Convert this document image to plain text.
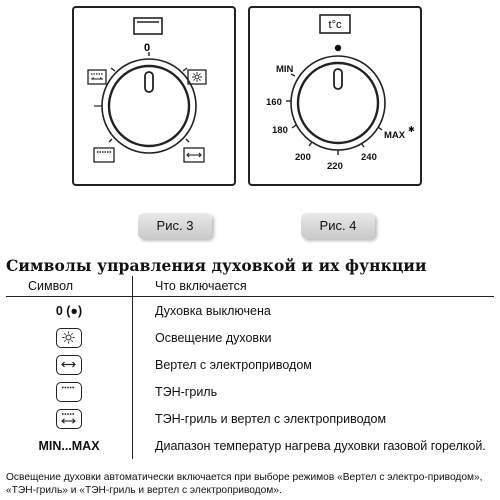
0
t°c
MIN
160
180
200
220
240
MAX
✱
Рис. 3	Рис. 4
Символы управления духовкой и их функции
Символ	Что включается
0 (●)	Духовка выключена

	Освещение духовки

	Вертел с электроприводом

	ТЭН-гриль

	ТЭН-гриль и вертел с электроприводом
MIN...MAX	Диапазон температур нагрева духовки газовой горелкой.
Освещение духовки автоматически включается при выборе режимов «Вертел с электро-приводом», «ТЭН-гриль» и «ТЭН-гриль и вертел с электроприводом».
